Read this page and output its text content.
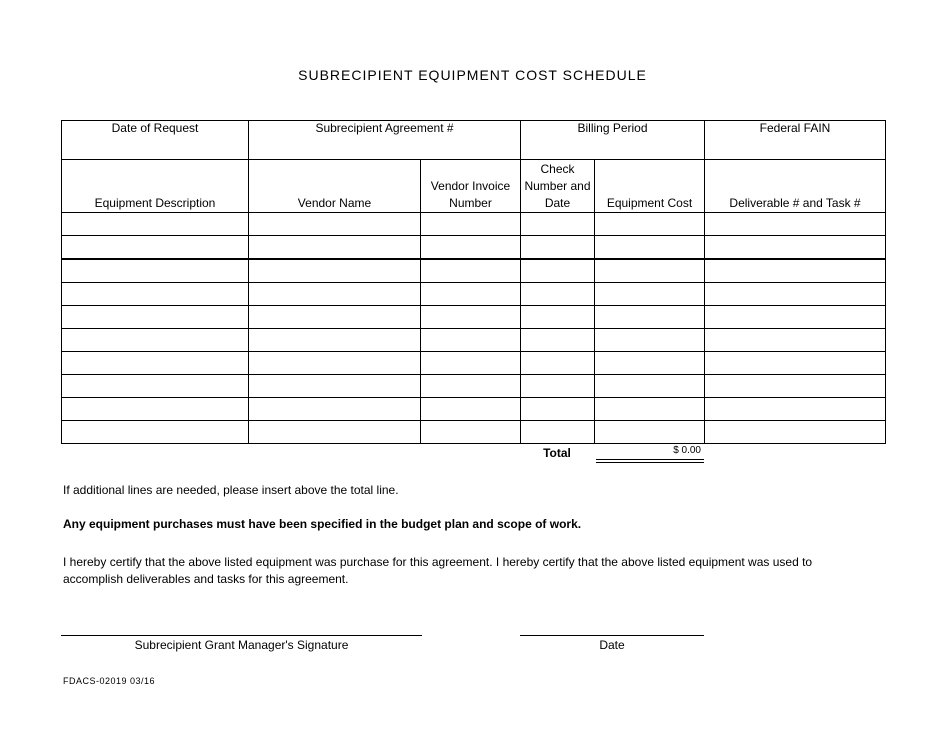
SUBRECIPIENT EQUIPMENT COST SCHEDULE
Date of Request	Subrecipient Agreement #		Billing Period		Federal FAIN
Equipment Description	Vendor Name	Vendor Invoice Number	Check Number and Date	Equipment Cost	Deliverable # and Task #

Total	$ 0.00
If additional lines are needed, please insert above the total line.
Any equipment purchases must have been specified in the budget plan and scope of work.
I hereby certify that the above listed equipment was purchase for this agreement. I hereby certify that the above listed equipment was used to accomplish deliverables and tasks for this agreement.
Subrecipient Grant Manager's Signature	Date
FDACS-02019 03/16
